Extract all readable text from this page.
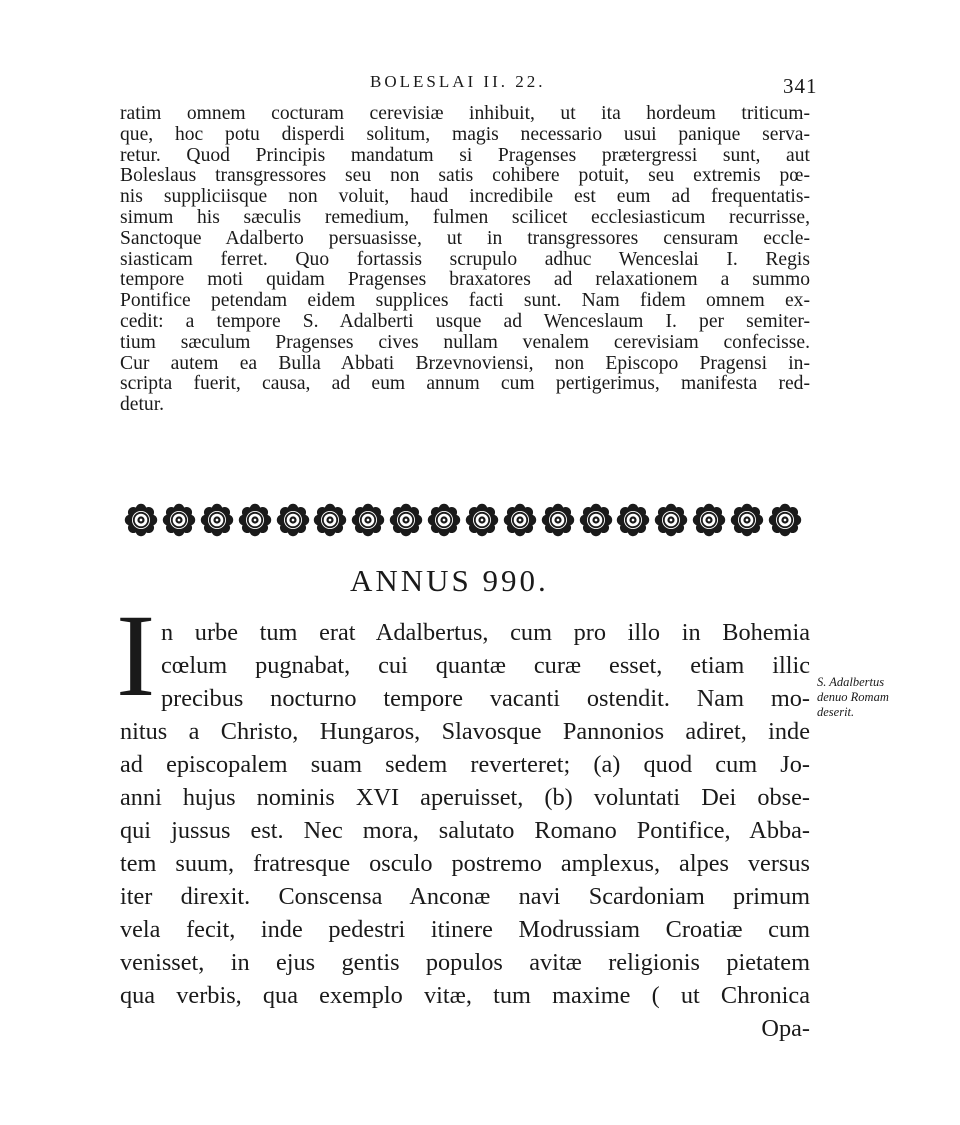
BOLESLAI II. 22.	341
ratim omnem cocturam cerevisiæ inhibuit, ut ita hordeum triticum-
que, hoc potu disperdi solitum, magis necessario usui panique serva-
retur. Quod Principis mandatum si Pragenses prætergressi sunt, aut
Boleslaus transgressores seu non satis cohibere potuit, seu extremis pœ-
nis suppliciisque non voluit, haud incredibile est eum ad frequentatis-
simum his sæculis remedium, fulmen scilicet ecclesiasticum recurrisse,
Sanctoque Adalberto persuasisse, ut in transgressores censuram eccle-
siasticam ferret. Quo fortassis scrupulo adhuc Wenceslai I. Regis
tempore moti quidam Pragenses braxatores ad relaxationem a summo
Pontifice petendam eidem supplices facti sunt. Nam fidem omnem ex-
cedit: a tempore S. Adalberti usque ad Wenceslaum I. per semiter-
tium sæculum Pragenses cives nullam venalem cerevisiam confecisse.
Cur autem ea Bulla Abbati Brzevnoviensi, non Episcopo Pragensi in-
scripta fuerit, causa, ad eum annum cum pertigerimus, manifesta red-
detur.
ANNUS 990.
I n urbe tum erat Adalbertus, cum pro illo in Bohemia
cœlum pugnabat, cui quantæ curæ esset, etiam illic
precibus nocturno tempore vacanti ostendit. Nam mo-
nitus a Christo, Hungaros, Slavosque Pannonios adiret, inde
ad episcopalem suam sedem reverteret; (a) quod cum Jo-
anni hujus nominis XVI aperuisset, (b) voluntati Dei obse-
qui jussus est. Nec mora, salutato Romano Pontifice, Abba-
tem suum, fratresque osculo postremo amplexus, alpes versus
iter direxit. Conscensa Anconæ navi Scardoniam primum
vela fecit, inde pedestri itinere Modrussiam Croatiæ cum
venisset, in ejus gentis populos avitæ religionis pietatem
qua verbis, qua exemplo vitæ, tum maxime ( ut Chronica
Opa-
S. Adalbertus
denuo Romam
deserit.
